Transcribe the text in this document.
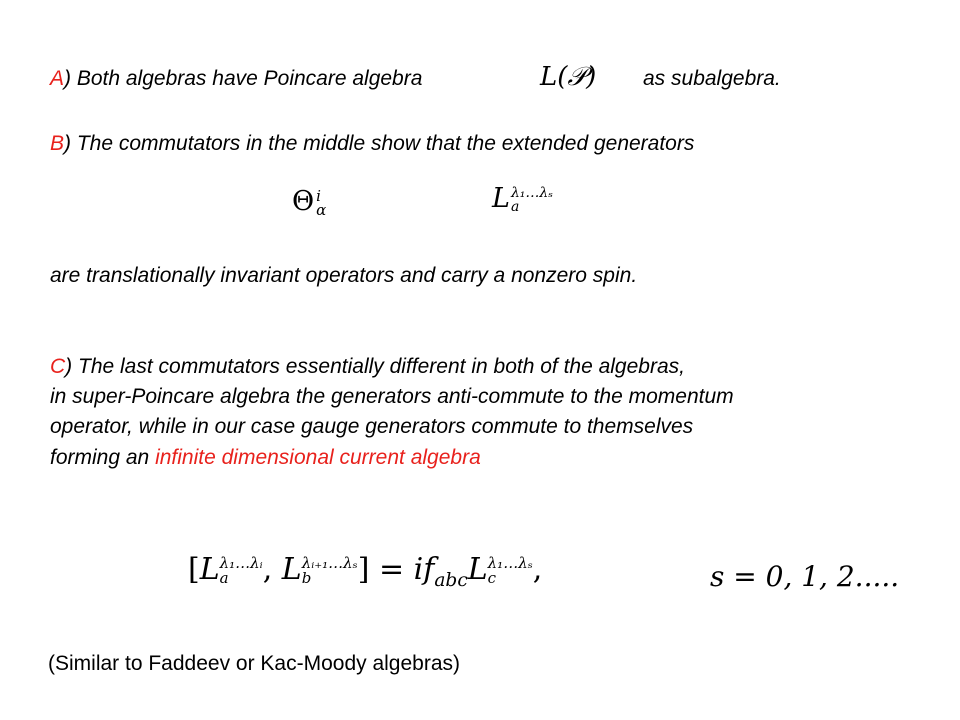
A) Both algebras have Poincare algebra	L(𝒫) as subalgebra.
B) The commutators in the middle show that the extended generators
Θ i
α	L λ₁…λₛ
a
are translationally invariant operators and carry a nonzero spin.
C) The last commutators essentially different in both of the algebras,
in super-Poincare algebra the generators anti-commute to the momentum
operator, while in our case gauge generators commute to themselves
forming an infinite dimensional current algebra
[L λ₁…λᵢ
a	, L λᵢ₊₁…λₛ
b	] = $if_{abc}L$ λ₁…λₛ
c	,	s = 0, 1, 2.....
(Similar to Faddeev or Kac-Moody algebras)
